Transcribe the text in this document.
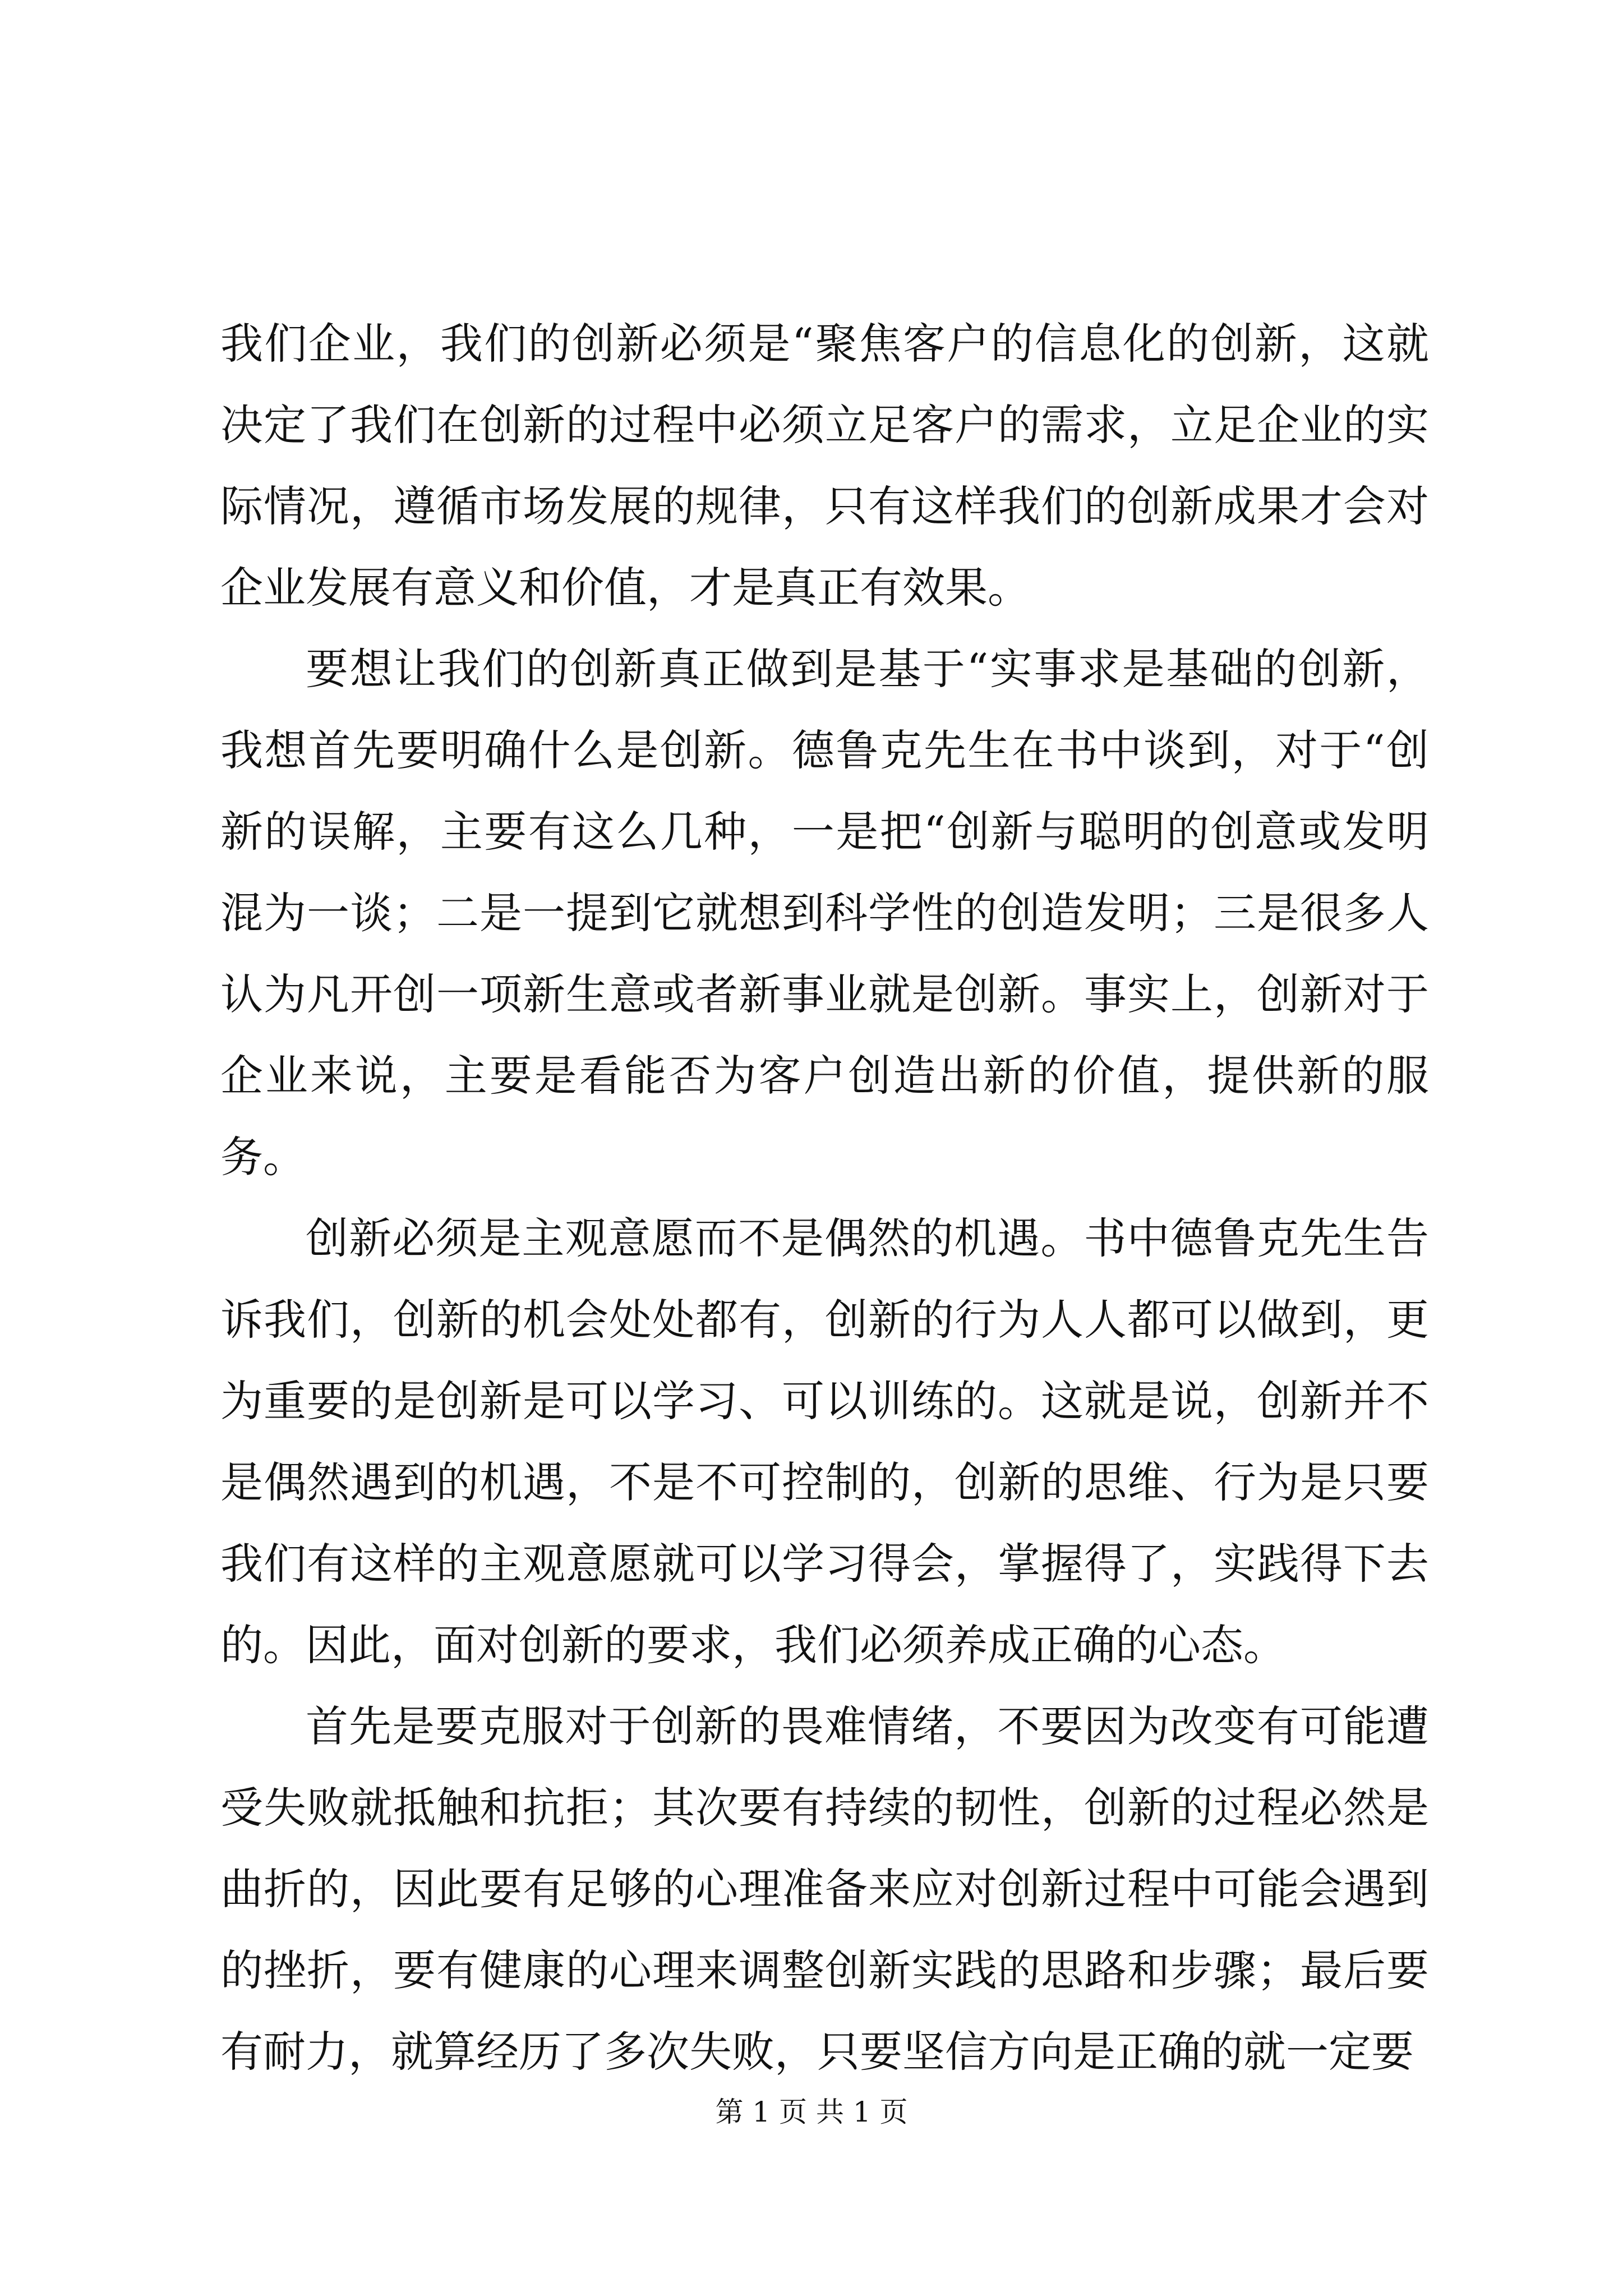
我们企业，我们的创新必须是“聚焦客户的信息化的创新，这就决定了我们在创新的过程中必须立足客户的需求，立足企业的实际情况，遵循市场发展的规律，只有这样我们的创新成果才会对企业发展有意义和价值，才是真正有效果。

要想让我们的创新真正做到是基于“实事求是基础的创新，我想首先要明确什么是创新。德鲁克先生在书中谈到，对于“创新的误解，主要有这么几种，一是把“创新与聪明的创意或发明混为一谈；二是一提到它就想到科学性的创造发明；三是很多人认为凡开创一项新生意或者新事业就是创新。事实上，创新对于企业来说，主要是看能否为客户创造出新的价值，提供新的服务。

创新必须是主观意愿而不是偶然的机遇。书中德鲁克先生告诉我们，创新的机会处处都有，创新的行为人人都可以做到，更为重要的是创新是可以学习、可以训练的。这就是说，创新并不是偶然遇到的机遇，不是不可控制的，创新的思维、行为是只要我们有这样的主观意愿就可以学习得会，掌握得了，实践得下去的。因此，面对创新的要求，我们必须养成正确的心态。

首先是要克服对于创新的畏难情绪，不要因为改变有可能遭受失败就抵触和抗拒；其次要有持续的韧性，创新的过程必然是曲折的，因此要有足够的心理准备来应对创新过程中可能会遇到的挫折，要有健康的心理来调整创新实践的思路和步骤；最后要有耐力，就算经历了多次失败，只要坚信方向是正确的就一定要

第 1 页 共 1 页
